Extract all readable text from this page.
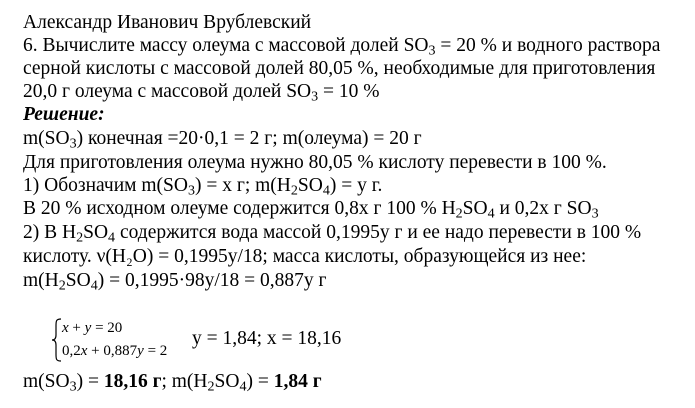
Александр Иванович Врублевский
6. Вычислите массу олеума с массовой долей $SO_3 = 20$ % и водного раствора
серной кислоты с массовой долей 80,05 %, необходимые для приготовления
20,0 г олеума с массовой долей $SO_3 = 10$ %
Решение:
$m(SO_3)$ конечная =20·0,1 = 2 г; m(олеума) = 20 г
Для приготовления олеума нужно 80,05 % кислоту перевести в 100 %.
1) Обозначим $m(SO_3) = х$ г; $m(H_2SO_4) = у$ г.
В 20 % исходном олеуме содержится 0,8х г 100 % $H_2SO_4$ и 0,2х г $SO_3$
2) В $H_2SO_4$ содержится вода массой 0,1995у г и ее надо перевести в 100 %
кислоту. ν(H₂O) = 0,1995у/18; масса кислоты, образующейся из нее:
$m(H_2SO_4) = 0,1995\cdot 98у/18 = 0,887у$ г
x + y = 20
0,2x + 0,887y = 2
у = 1,84; х = 18,16
$m(SO_3) = 18,16$ г; $m(H_2SO_4) = 1,84$ г
